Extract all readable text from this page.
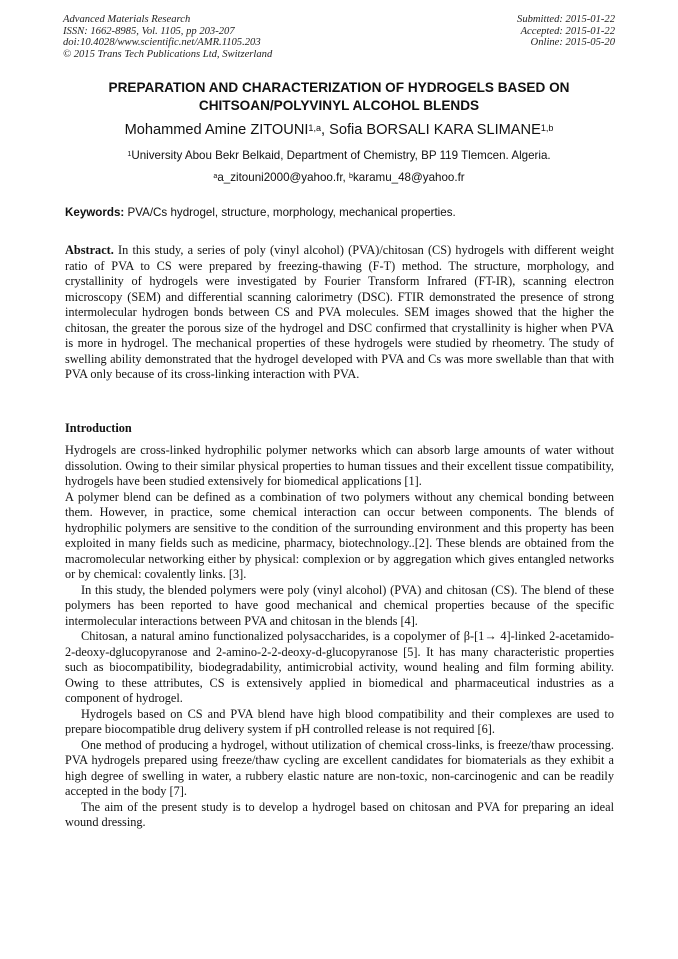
Advanced Materials Research
ISSN: 1662-8985, Vol. 1105, pp 203-207
doi:10.4028/www.scientific.net/AMR.1105.203
© 2015 Trans Tech Publications Ltd, Switzerland
Submitted: 2015-01-22
Accepted: 2015-01-22
Online: 2015-05-20
PREPARATION AND CHARACTERIZATION OF HYDROGELS BASED ON
CHITSOAN/POLYVINYL ALCOHOL BLENDS
Mohammed Amine ZITOUNI$^{1,a}$, Sofia BORSALI KARA SLIMANE$^{1,b}$
$^1$University Abou Bekr Belkaid, Department of Chemistry, BP 119 Tlemcen. Algeria.
$^a$a_zitouni2000@yahoo.fr, $^b$karamu_48@yahoo.fr
Keywords: PVA/Cs hydrogel, structure, morphology, mechanical properties.
Abstract. In this study, a series of poly (vinyl alcohol) (PVA)/chitosan (CS) hydrogels with different weight ratio of PVA to CS were prepared by freezing-thawing (F-T) method. The structure, morphology, and crystallinity of hydrogels were investigated by Fourier Transform Infrared (FT-IR), scanning electron microscopy (SEM) and differential scanning calorimetry (DSC). FTIR demonstrated the presence of strong intermolecular hydrogen bonds between CS and PVA molecules. SEM images showed that the higher the chitosan, the greater the porous size of the hydrogel and DSC confirmed that crystallinity is higher when PVA is more in hydrogel. The mechanical properties of these hydrogels were studied by rheometry. The study of swelling ability demonstrated that the hydrogel developed with PVA and Cs was more swellable than that with PVA only because of its cross-linking interaction with PVA.
Introduction

Hydrogels are cross-linked hydrophilic polymer networks which can absorb large amounts of water without dissolution. Owing to their similar physical properties to human tissues and their excellent tissue compatibility, hydrogels have been studied extensively for biomedical applications [1].

A polymer blend can be defined as a combination of two polymers without any chemical bonding between them. However, in practice, some chemical interaction can occur between components. The blends of hydrophilic polymers are sensitive to the condition of the surrounding environment and this property has been exploited in many fields such as medicine, pharmacy, biotechnology..[2]. These blends are obtained from the macromolecular networking either by physical: complexion or by aggregation which gives entangled networks or by chemical: covalently links. [3].

In this study, the blended polymers were poly (vinyl alcohol) (PVA) and chitosan (CS). The blend of these polymers has been reported to have good mechanical and chemical properties because of the specific intermolecular interactions between PVA and chitosan in the blends [4].

Chitosan, a natural amino functionalized polysaccharides, is a copolymer of β-[1→ 4]-linked 2-acetamido-2-deoxy-dglucopyranose and 2-amino-2-2-deoxy-d-glucopyranose [5]. It has many characteristic properties such as biocompatibility, biodegradability, antimicrobial activity, wound healing and film forming ability. Owing to these attributes, CS is extensively applied in biomedical and pharmaceutical industries as a component of hydrogel.

Hydrogels based on CS and PVA blend have high blood compatibility and their complexes are used to prepare biocompatible drug delivery system if pH controlled release is not required [6].

One method of producing a hydrogel, without utilization of chemical cross-links, is freeze/thaw processing. PVA hydrogels prepared using freeze/thaw cycling are excellent candidates for biomaterials as they exhibit a high degree of swelling in water, a rubbery elastic nature are non-toxic, non-carcinogenic and can be readily accepted in the body [7].

The aim of the present study is to develop a hydrogel based on chitosan and PVA for preparing an ideal wound dressing.
